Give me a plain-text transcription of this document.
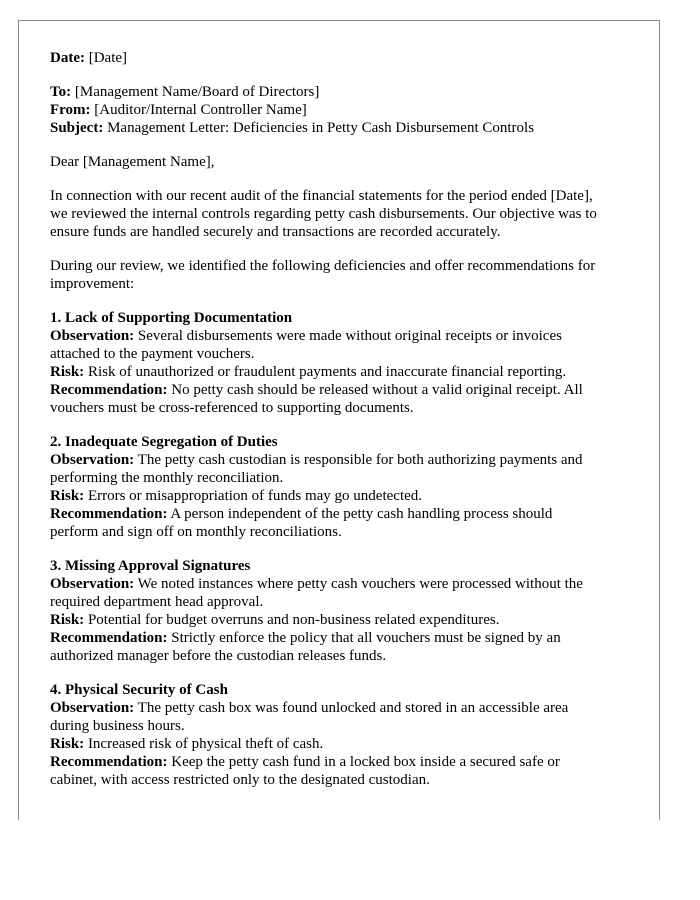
Date: [Date]
To: [Management Name/Board of Directors]
From: [Auditor/Internal Controller Name]
Subject: Management Letter: Deficiencies in Petty Cash Disbursement Controls
Dear [Management Name],
In connection with our recent audit of the financial statements for the period ended [Date],
we reviewed the internal controls regarding petty cash disbursements. Our objective was to
ensure funds are handled securely and transactions are recorded accurately.
During our review, we identified the following deficiencies and offer recommendations for
improvement:
1. Lack of Supporting Documentation
Observation: Several disbursements were made without original receipts or invoices
attached to the payment vouchers.
Risk: Risk of unauthorized or fraudulent payments and inaccurate financial reporting.
Recommendation: No petty cash should be released without a valid original receipt. All
vouchers must be cross-referenced to supporting documents.
2. Inadequate Segregation of Duties
Observation: The petty cash custodian is responsible for both authorizing payments and
performing the monthly reconciliation.
Risk: Errors or misappropriation of funds may go undetected.
Recommendation: A person independent of the petty cash handling process should
perform and sign off on monthly reconciliations.
3. Missing Approval Signatures
Observation: We noted instances where petty cash vouchers were processed without the
required department head approval.
Risk: Potential for budget overruns and non-business related expenditures.
Recommendation: Strictly enforce the policy that all vouchers must be signed by an
authorized manager before the custodian releases funds.
4. Physical Security of Cash
Observation: The petty cash box was found unlocked and stored in an accessible area
during business hours.
Risk: Increased risk of physical theft of cash.
Recommendation: Keep the petty cash fund in a locked box inside a secured safe or
cabinet, with access restricted only to the designated custodian.
